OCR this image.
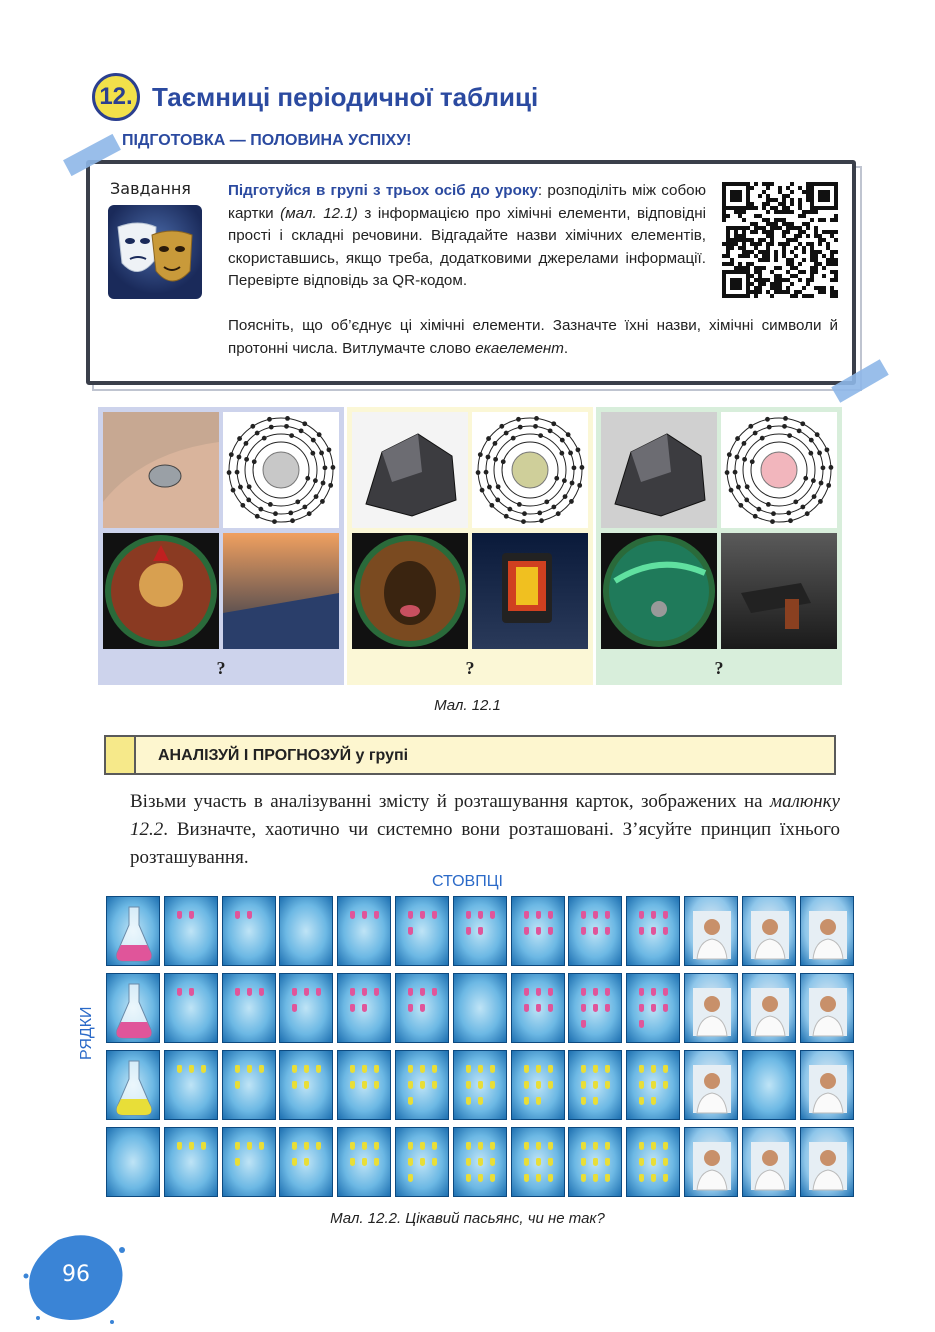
12. Таємниці періодичної таблиці
ПІДГОТОВКА — ПОЛОВИНА УСПІХУ!
Завдання Підготуйся в групі з трьох осіб до уроку: розподіліть між собою картки (мал. 12.1) з інформацією про хімічні елементи, відповідні прості і складні речовини. Відгадайте назви хімічних елементів, скориставшись, якщо треба, додатковими джерелами інформації. Перевірте відповідь за QR-кодом.
Поясніть, що об’єднує ці хімічні елементи. Зазначте їхні назви, хімічні символи й протонні числа. Витлумачте слово екаелемент.
?	?	?
Мал. 12.1
АНАЛІЗУЙ І ПРОГНОЗУЙ у групі
Візьми участь в аналізуванні змісту й розташування карток, зображених на малюнку 12.2. Визначте, хаотично чи системно вони розташовані. З’ясуйте принцип їхнього розташування.
СТОВПЦІ
РЯДКИ
Мал. 12.2. Цікавий пасьянс, чи не так?
96
